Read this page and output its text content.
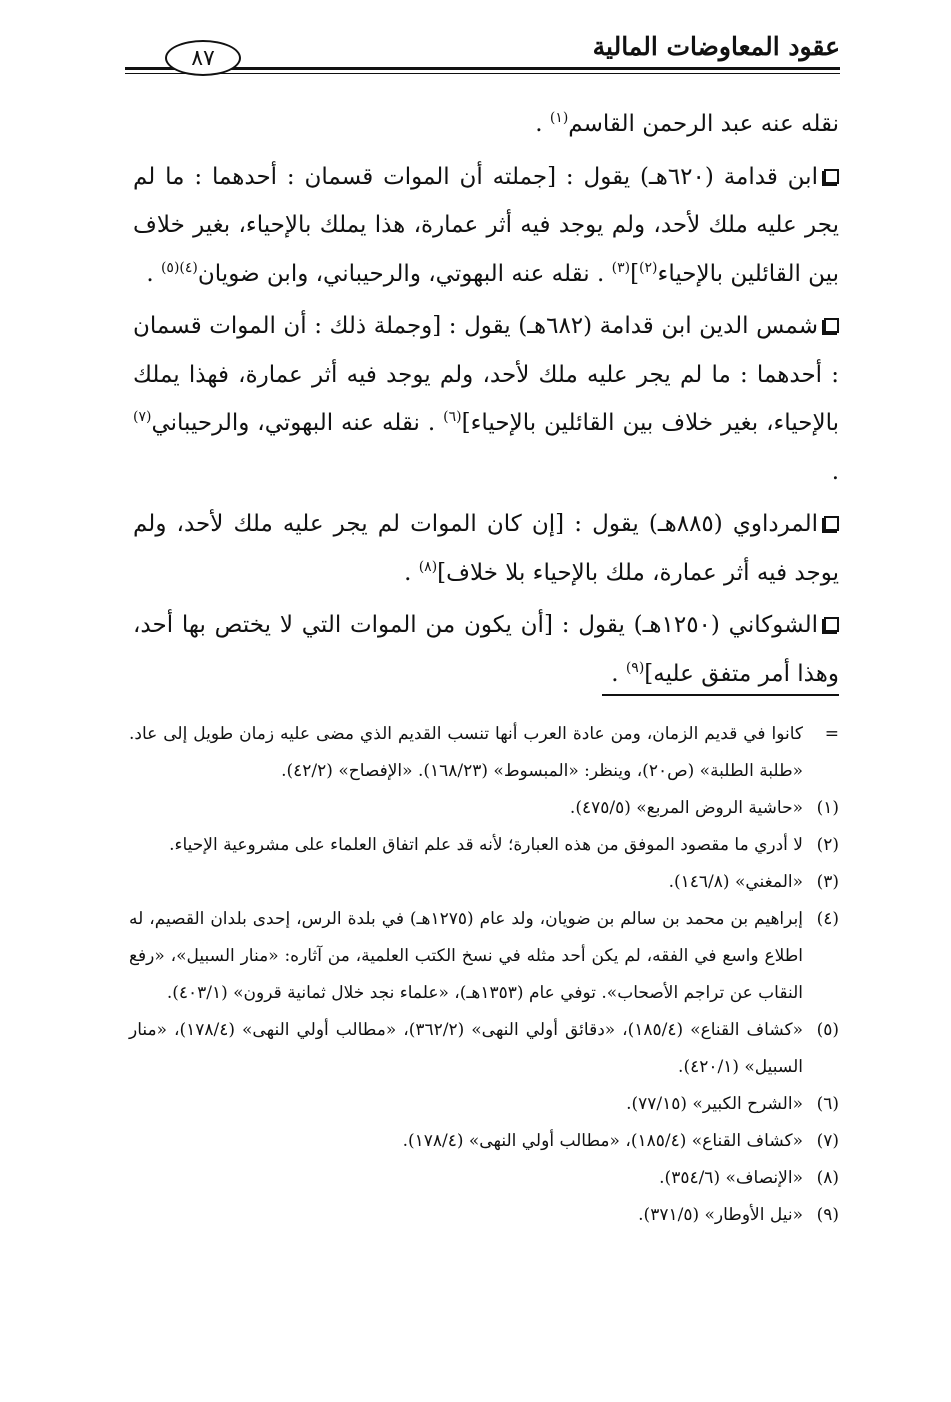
عقود المعاوضات المالية
٨٧

نقله عنه عبد الرحمن القاسم$^{(١)}$ .

ابن قدامة (٦٢٠هـ) يقول : [جملته أن الموات قسمان : أحدهما : ما لم يجر عليه ملك لأحد، ولم يوجد فيه أثر عمارة، هذا يملك بالإحياء، بغير خلاف بين القائلين بالإحياء$^{(٢)}$]$^{(٣)}$ . نقله عنه البهوتي، والرحيباني، وابن ضويان$^{(٤)(٥)}$ .

شمس الدين ابن قدامة (٦٨٢هـ) يقول : [وجملة ذلك : أن الموات قسمان : أحدهما : ما لم يجر عليه ملك لأحد، ولم يوجد فيه أثر عمارة، فهذا يملك بالإحياء، بغير خلاف بين القائلين بالإحياء]$^{(٦)}$ . نقله عنه البهوتي، والرحيباني$^{(٧)}$ .

المرداوي (٨٨٥هـ) يقول : [إن كان الموات لم يجر عليه ملك لأحد، ولم يوجد فيه أثر عمارة، ملك بالإحياء بلا خلاف]$^{(٨)}$ .

الشوكاني (١٢٥٠هـ) يقول : [أن يكون من الموات التي لا يختص بها أحد، وهذا أمر متفق عليه]$^{(٩)}$ .

=
كانوا في قديم الزمان، ومن عادة العرب أنها تنسب القديم الذي مضى عليه زمان طويل إلى عاد. «طلبة الطلبة» (ص٢٠)، وينظر: «المبسوط» (١٦٨/٢٣). «الإفصاح» (٤٢/٢).

(١)
«حاشية الروض المربع» (٤٧٥/٥).

(٢)
لا أدري ما مقصود الموفق من هذه العبارة؛ لأنه قد علم اتفاق العلماء على مشروعية الإحياء.

(٣)
«المغني» (١٤٦/٨).

(٤)
إبراهيم بن محمد بن سالم بن ضويان، ولد عام (١٢٧٥هـ) في بلدة الرس، إحدى بلدان القصيم، له اطلاع واسع في الفقه، لم يكن أحد مثله في نسخ الكتب العلمية، من آثاره: «منار السبيل»، «رفع النقاب عن تراجم الأصحاب». توفي عام (١٣٥٣هـ)، «علماء نجد خلال ثمانية قرون» (٤٠٣/١).

(٥)
«كشاف القناع» (١٨٥/٤)، «دقائق أولي النهى» (٣٦٢/٢)، «مطالب أولي النهى» (١٧٨/٤)، «منار السبيل» (٤٢٠/١).

(٦)
«الشرح الكبير» (٧٧/١٥).

(٧)
«كشاف القناع» (١٨٥/٤)، «مطالب أولي النهى» (١٧٨/٤).

(٨)
«الإنصاف» (٣٥٤/٦).

(٩)
«نيل الأوطار» (٣٧١/٥).
